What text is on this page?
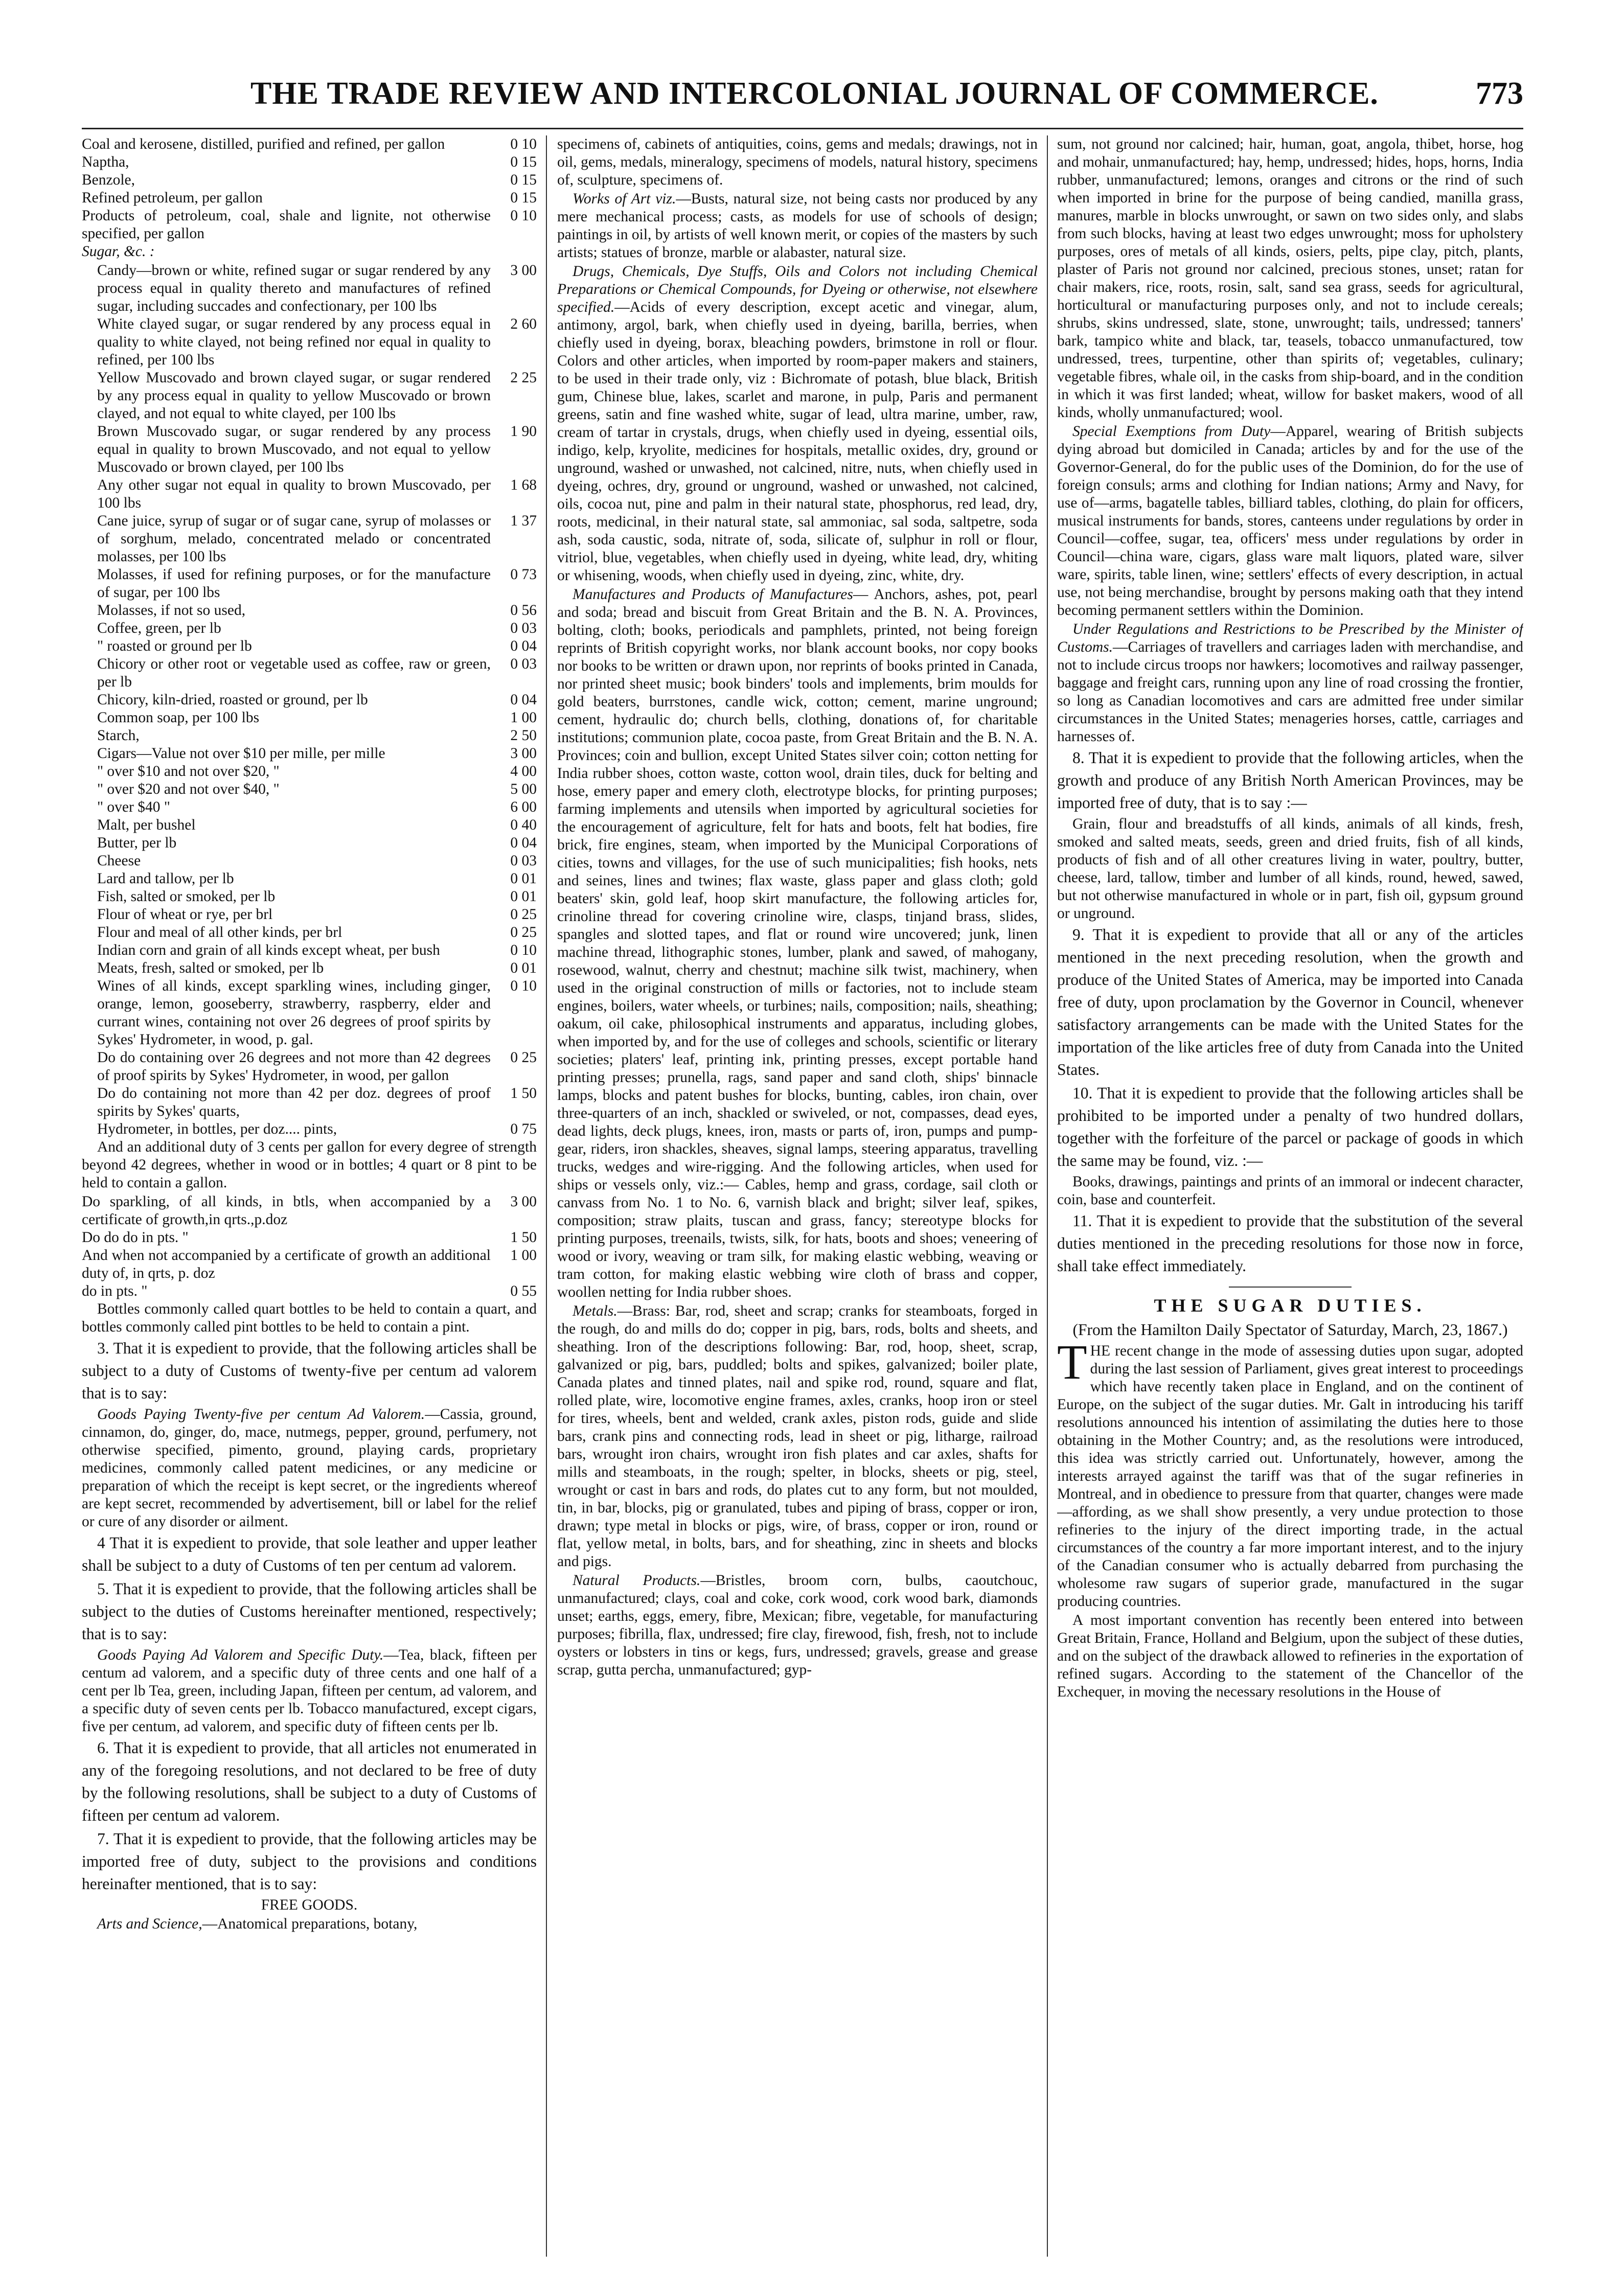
THE TRADE REVIEW AND INTERCOLONIAL JOURNAL OF COMMERCE.	773
Coal and kerosene, distilled, purified and refined, per gallon	0 10
Naptha,	0 15
Benzole,	0 15
Refined petroleum, per gallon	0 15
Products of petroleum, coal, shale and lignite, not otherwise specified, per gallon
0 10

Sugar, &c. :

Candy—brown or white, refined sugar or sugar rendered by any process equal in quality thereto and manufactures of refined sugar, including succades and confectionary, per 100 lbs
3 00
White clayed sugar, or sugar rendered by any process equal in quality to white clayed, not being refined nor equal in quality to refined, per 100 lbs
2 60
Yellow Muscovado and brown clayed sugar, or sugar rendered by any process equal in quality to yellow Muscovado or brown clayed, and not equal to white clayed, per 100 lbs
2 25
Brown Muscovado sugar, or sugar rendered by any process equal in quality to brown Muscovado, and not equal to yellow Muscovado or brown clayed, per 100 lbs
1 90
Any other sugar not equal in quality to brown Muscovado, per 100 lbs
1 68
Cane juice, syrup of sugar or of sugar cane, syrup of molasses or of sorghum, melado, concentrated melado or concentrated molasses, per 100 lbs
1 37
Molasses, if used for refining purposes, or for the manufacture of sugar, per 100 lbs
0 73
Molasses, if not so used,	0 56
Coffee, green, per lb	0 03
" roasted or ground per lb	0 04
Chicory or other root or vegetable used as coffee, raw or green, per lb
0 03
Chicory, kiln-dried, roasted or ground, per lb	0 04
Common soap, per 100 lbs	1 00
Starch,	2 50
Cigars—Value not over $10 per mille, per mille	3 00
" over $10 and not over $20, "	4 00
" over $20 and not over $40, "	5 00
" over $40 "	6 00
Malt, per bushel	0 40
Butter, per lb	0 04
Cheese	0 03
Lard and tallow, per lb	0 01
Fish, salted or smoked, per lb	0 01
Flour of wheat or rye, per brl	0 25
Flour and meal of all other kinds, per brl	0 25
Indian corn and grain of all kinds except wheat, per bush	0 10
Meats, fresh, salted or smoked, per lb	0 01
Wines of all kinds, except sparkling wines, including ginger, orange, lemon, gooseberry, strawberry, raspberry, elder and currant wines, containing not over 26 degrees of proof spirits by Sykes' Hydrometer, in wood, p. gal.
0 10
Do do containing over 26 degrees and not more than 42 degrees of proof spirits by Sykes' Hydrometer, in wood, per gallon
0 25
Do do containing not more than 42 per doz. degrees of proof spirits by Sykes' quarts,
1 50
Hydrometer, in bottles, per doz.... pints,	0 75

And an additional duty of 3 cents per gallon for every degree of strength beyond 42 degrees, whether in wood or in bottles; 4 quart or 8 pint to be held to contain a gallon.

Do sparkling, of all kinds, in btls, when accompanied by a certificate of growth,in qrts.,p.doz
3 00
Do do do in pts. "	1 50
And when not accompanied by a certificate of growth an additional duty of, in qrts, p. doz
1 00
do in pts. "	0 55

Bottles commonly called quart bottles to be held to contain a quart, and bottles commonly called pint bottles to be held to contain a pint.

3. That it is expedient to provide, that the following articles shall be subject to a duty of Customs of twenty-five per centum ad valorem that is to say:

Goods Paying Twenty-five per centum Ad Valorem.—Cassia, ground, cinnamon, do, ginger, do, mace, nutmegs, pepper, ground, perfumery, not otherwise specified, pimento, ground, playing cards, proprietary medicines, commonly called patent medicines, or any medicine or preparation of which the receipt is kept secret, or the ingredients whereof are kept secret, recommended by advertisement, bill or label for the relief or cure of any disorder or ailment.

4 That it is expedient to provide, that sole leather and upper leather shall be subject to a duty of Customs of ten per centum ad valorem.

5. That it is expedient to provide, that the following articles shall be subject to the duties of Customs hereinafter mentioned, respectively; that is to say:

Goods Paying Ad Valorem and Specific Duty.—Tea, black, fifteen per centum ad valorem, and a specific duty of three cents and one half of a cent per lb Tea, green, including Japan, fifteen per centum, ad valorem, and a specific duty of seven cents per lb. Tobacco manufactured, except cigars, five per centum, ad valorem, and specific duty of fifteen cents per lb.

6. That it is expedient to provide, that all articles not enumerated in any of the foregoing resolutions, and not declared to be free of duty by the following resolutions, shall be subject to a duty of Customs of fifteen per centum ad valorem.

7. That it is expedient to provide, that the following articles may be imported free of duty, subject to the provisions and conditions hereinafter mentioned, that is to say:

FREE GOODS.

Arts and Science,—Anatomical preparations, botany,

specimens of, cabinets of antiquities, coins, gems and medals; drawings, not in oil, gems, medals, mineralogy, specimens of models, natural history, specimens of, sculpture, specimens of.

Works of Art viz.—Busts, natural size, not being casts nor produced by any mere mechanical process; casts, as models for use of schools of design; paintings in oil, by artists of well known merit, or copies of the masters by such artists; statues of bronze, marble or alabaster, natural size.

Drugs, Chemicals, Dye Stuffs, Oils and Colors not including Chemical Preparations or Chemical Compounds, for Dyeing or otherwise, not elsewhere specified.—Acids of every description, except acetic and vinegar, alum, antimony, argol, bark, when chiefly used in dyeing, barilla, berries, when chiefly used in dyeing, borax, bleaching powders, brimstone in roll or flour. Colors and other articles, when imported by room-paper makers and stainers, to be used in their trade only, viz : Bichromate of potash, blue black, British gum, Chinese blue, lakes, scarlet and marone, in pulp, Paris and permanent greens, satin and fine washed white, sugar of lead, ultra marine, umber, raw, cream of tartar in crystals, drugs, when chiefly used in dyeing, essential oils, indigo, kelp, kryolite, medicines for hospitals, metallic oxides, dry, ground or unground, washed or unwashed, not calcined, nitre, nuts, when chiefly used in dyeing, ochres, dry, ground or unground, washed or unwashed, not calcined, oils, cocoa nut, pine and palm in their natural state, phosphorus, red lead, dry, roots, medicinal, in their natural state, sal ammoniac, sal soda, saltpetre, soda ash, soda caustic, soda, nitrate of, soda, silicate of, sulphur in roll or flour, vitriol, blue, vegetables, when chiefly used in dyeing, white lead, dry, whiting or whisening, woods, when chiefly used in dyeing, zinc, white, dry.

Manufactures and Products of Manufactures— Anchors, ashes, pot, pearl and soda; bread and biscuit from Great Britain and the B. N. A. Provinces, bolting, cloth; books, periodicals and pamphlets, printed, not being foreign reprints of British copyright works, nor blank account books, nor copy books nor books to be written or drawn upon, nor reprints of books printed in Canada, nor printed sheet music; book binders' tools and implements, brim moulds for gold beaters, burrstones, candle wick, cotton; cement, marine unground; cement, hydraulic do; church bells, clothing, donations of, for charitable institutions; communion plate, cocoa paste, from Great Britain and the B. N. A. Provinces; coin and bullion, except United States silver coin; cotton netting for India rubber shoes, cotton waste, cotton wool, drain tiles, duck for belting and hose, emery paper and emery cloth, electrotype blocks, for printing purposes; farming implements and utensils when imported by agricultural societies for the encouragement of agriculture, felt for hats and boots, felt hat bodies, fire brick, fire engines, steam, when imported by the Municipal Corporations of cities, towns and villages, for the use of such municipalities; fish hooks, nets and seines, lines and twines; flax waste, glass paper and glass cloth; gold beaters' skin, gold leaf, hoop skirt manufacture, the following articles for, crinoline thread for covering crinoline wire, clasps, tinjand brass, slides, spangles and slotted tapes, and flat or round wire uncovered; junk, linen machine thread, lithographic stones, lumber, plank and sawed, of mahogany, rosewood, walnut, cherry and chestnut; machine silk twist, machinery, when used in the original construction of mills or factories, not to include steam engines, boilers, water wheels, or turbines; nails, composition; nails, sheathing; oakum, oil cake, philosophical instruments and apparatus, including globes, when imported by, and for the use of colleges and schools, scientific or literary societies; platers' leaf, printing ink, printing presses, except portable hand printing presses; prunella, rags, sand paper and sand cloth, ships' binnacle lamps, blocks and patent bushes for blocks, bunting, cables, iron chain, over three-quarters of an inch, shackled or swiveled, or not, compasses, dead eyes, dead lights, deck plugs, knees, iron, masts or parts of, iron, pumps and pump-gear, riders, iron shackles, sheaves, signal lamps, steering apparatus, travelling trucks, wedges and wire-rigging. And the following articles, when used for ships or vessels only, viz.:— Cables, hemp and grass, cordage, sail cloth or canvass from No. 1 to No. 6, varnish black and bright; silver leaf, spikes, composition; straw plaits, tuscan and grass, fancy; stereotype blocks for printing purposes, treenails, twists, silk, for hats, boots and shoes; veneering of wood or ivory, weaving or tram silk, for making elastic webbing, weaving or tram cotton, for making elastic webbing wire cloth of brass and copper, woollen netting for India rubber shoes.

Metals.—Brass: Bar, rod, sheet and scrap; cranks for steamboats, forged in the rough, do and mills do do; copper in pig, bars, rods, bolts and sheets, and sheathing. Iron of the descriptions following: Bar, rod, hoop, sheet, scrap, galvanized or pig, bars, puddled; bolts and spikes, galvanized; boiler plate, Canada plates and tinned plates, nail and spike rod, round, square and flat, rolled plate, wire, locomotive engine frames, axles, cranks, hoop iron or steel for tires, wheels, bent and welded, crank axles, piston rods, guide and slide bars, crank pins and connecting rods, lead in sheet or pig, litharge, railroad bars, wrought iron chairs, wrought iron fish plates and car axles, shafts for mills and steamboats, in the rough; spelter, in blocks, sheets or pig, steel, wrought or cast in bars and rods, do plates cut to any form, but not moulded, tin, in bar, blocks, pig or granulated, tubes and piping of brass, copper or iron, drawn; type metal in blocks or pigs, wire, of brass, copper or iron, round or flat, yellow metal, in bolts, bars, and for sheathing, zinc in sheets and blocks and pigs.

Natural Products.—Bristles, broom corn, bulbs, caoutchouc, unmanufactured; clays, coal and coke, cork wood, cork wood bark, diamonds unset; earths, eggs, emery, fibre, Mexican; fibre, vegetable, for manufacturing purposes; fibrilla, flax, undressed; fire clay, firewood, fish, fresh, not to include oysters or lobsters in tins or kegs, furs, undressed; gravels, grease and grease scrap, gutta percha, unmanufactured; gyp-

sum, not ground nor calcined; hair, human, goat, angola, thibet, horse, hog and mohair, unmanufactured; hay, hemp, undressed; hides, hops, horns, India rubber, unmanufactured; lemons, oranges and citrons or the rind of such when imported in brine for the purpose of being candied, manilla grass, manures, marble in blocks unwrought, or sawn on two sides only, and slabs from such blocks, having at least two edges unwrought; moss for upholstery purposes, ores of metals of all kinds, osiers, pelts, pipe clay, pitch, plants, plaster of Paris not ground nor calcined, precious stones, unset; ratan for chair makers, rice, roots, rosin, salt, sand sea grass, seeds for agricultural, horticultural or manufacturing purposes only, and not to include cereals; shrubs, skins undressed, slate, stone, unwrought; tails, undressed; tanners' bark, tampico white and black, tar, teasels, tobacco unmanufactured, tow undressed, trees, turpentine, other than spirits of; vegetables, culinary; vegetable fibres, whale oil, in the casks from ship-board, and in the condition in which it was first landed; wheat, willow for basket makers, wood of all kinds, wholly unmanufactured; wool.

Special Exemptions from Duty—Apparel, wearing of British subjects dying abroad but domiciled in Canada; articles by and for the use of the Governor-General, do for the public uses of the Dominion, do for the use of foreign consuls; arms and clothing for Indian nations; Army and Navy, for use of—arms, bagatelle tables, billiard tables, clothing, do plain for officers, musical instruments for bands, stores, canteens under regulations by order in Council—coffee, sugar, tea, officers' mess under regulations by order in Council—china ware, cigars, glass ware malt liquors, plated ware, silver ware, spirits, table linen, wine; settlers' effects of every description, in actual use, not being merchandise, brought by persons making oath that they intend becoming permanent settlers within the Dominion.

Under Regulations and Restrictions to be Prescribed by the Minister of Customs.—Carriages of travellers and carriages laden with merchandise, and not to include circus troops nor hawkers; locomotives and railway passenger, baggage and freight cars, running upon any line of road crossing the frontier, so long as Canadian locomotives and cars are admitted free under similar circumstances in the United States; menageries horses, cattle, carriages and harnesses of.

8. That it is expedient to provide that the following articles, when the growth and produce of any British North American Provinces, may be imported free of duty, that is to say :—

Grain, flour and breadstuffs of all kinds, animals of all kinds, fresh, smoked and salted meats, seeds, green and dried fruits, fish of all kinds, products of fish and of all other creatures living in water, poultry, butter, cheese, lard, tallow, timber and lumber of all kinds, round, hewed, sawed, but not otherwise manufactured in whole or in part, fish oil, gypsum ground or unground.

9. That it is expedient to provide that all or any of the articles mentioned in the next preceding resolution, when the growth and produce of the United States of America, may be imported into Canada free of duty, upon proclamation by the Governor in Council, whenever satisfactory arrangements can be made with the United States for the importation of the like articles free of duty from Canada into the United States.

10. That it is expedient to provide that the following articles shall be prohibited to be imported under a penalty of two hundred dollars, together with the forfeiture of the parcel or package of goods in which the same may be found, viz. :—

Books, drawings, paintings and prints of an immoral or indecent character, coin, base and counterfeit.

11. That it is expedient to provide that the substitution of the several duties mentioned in the preceding resolutions for those now in force, shall take effect immediately.

THE SUGAR DUTIES.

(From the Hamilton Daily Spectator of Saturday, March, 23, 1867.)

THE recent change in the mode of assessing duties upon sugar, adopted during the last session of Parliament, gives great interest to proceedings which have recently taken place in England, and on the continent of Europe, on the subject of the sugar duties. Mr. Galt in introducing his tariff resolutions announced his intention of assimilating the duties here to those obtaining in the Mother Country; and, as the resolutions were introduced, this idea was strictly carried out. Unfortunately, however, among the interests arrayed against the tariff was that of the sugar refineries in Montreal, and in obedience to pressure from that quarter, changes were made—affording, as we shall show presently, a very undue protection to those refineries to the injury of the direct importing trade, in the actual circumstances of the country a far more important interest, and to the injury of the Canadian consumer who is actually debarred from purchasing the wholesome raw sugars of superior grade, manufactured in the sugar producing countries.

A most important convention has recently been entered into between Great Britain, France, Holland and Belgium, upon the subject of these duties, and on the subject of the drawback allowed to refineries in the exportation of refined sugars. According to the statement of the Chancellor of the Exchequer, in moving the necessary resolutions in the House of
